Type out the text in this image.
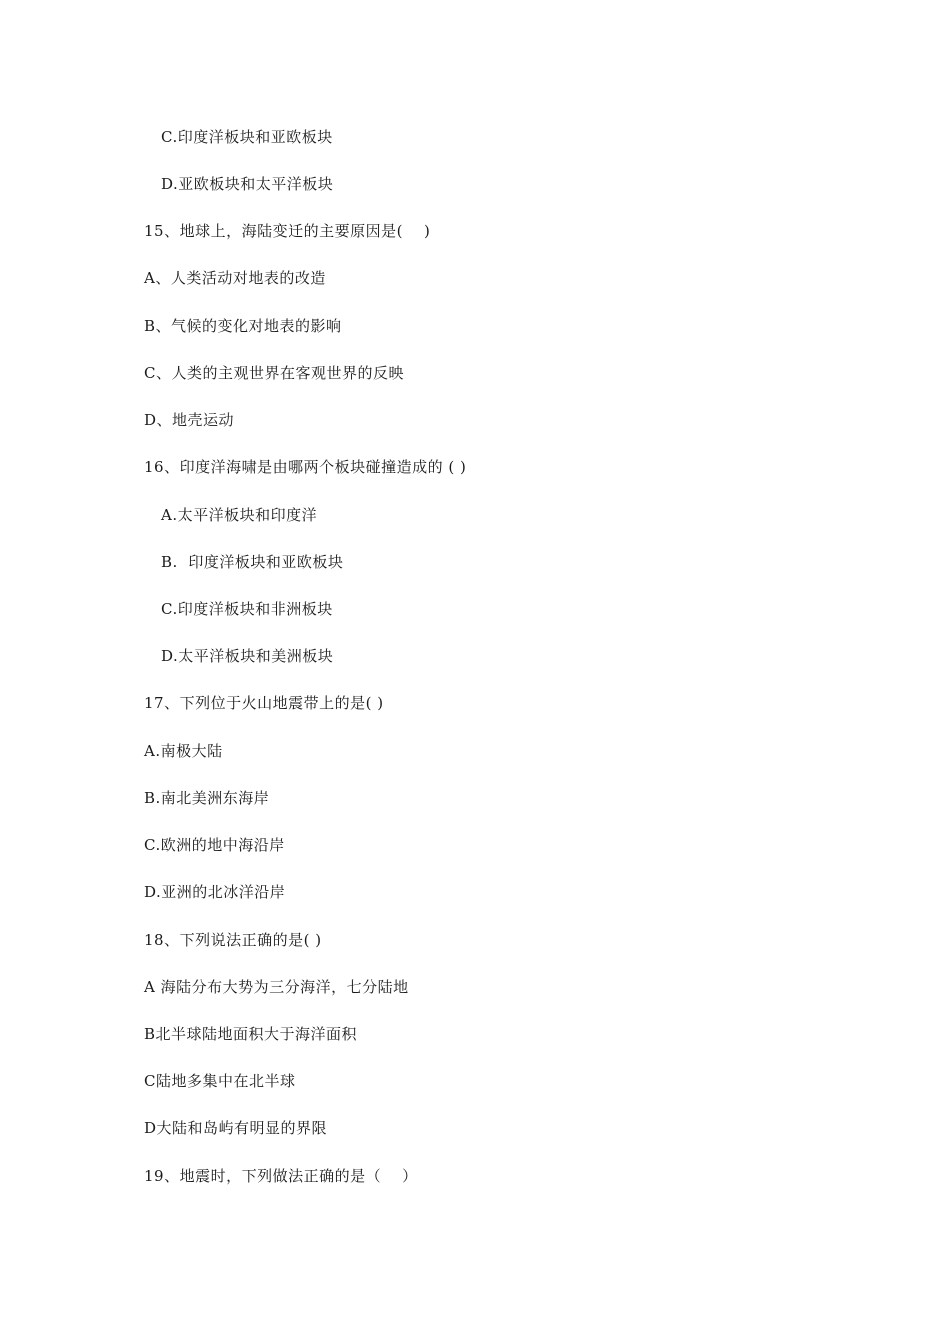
C.印度洋板块和亚欧板块
D.亚欧板块和太平洋板块
15、地球上，海陆变迁的主要原因是(    )
A、人类活动对地表的改造
B、气候的变化对地表的影响
C、人类的主观世界在客观世界的反映
D、地壳运动
16、印度洋海啸是由哪两个板块碰撞造成的 ( )
A.太平洋板块和印度洋
B.  印度洋板块和亚欧板块
C.印度洋板块和非洲板块
D.太平洋板块和美洲板块
17、下列位于火山地震带上的是( )
A.南极大陆
B.南北美洲东海岸
C.欧洲的地中海沿岸
D.亚洲的北冰洋沿岸
18、下列说法正确的是( )
A 海陆分布大势为三分海洋，七分陆地
B北半球陆地面积大于海洋面积
C陆地多集中在北半球
D大陆和岛屿有明显的界限
19、地震时，下列做法正确的是（    ）
